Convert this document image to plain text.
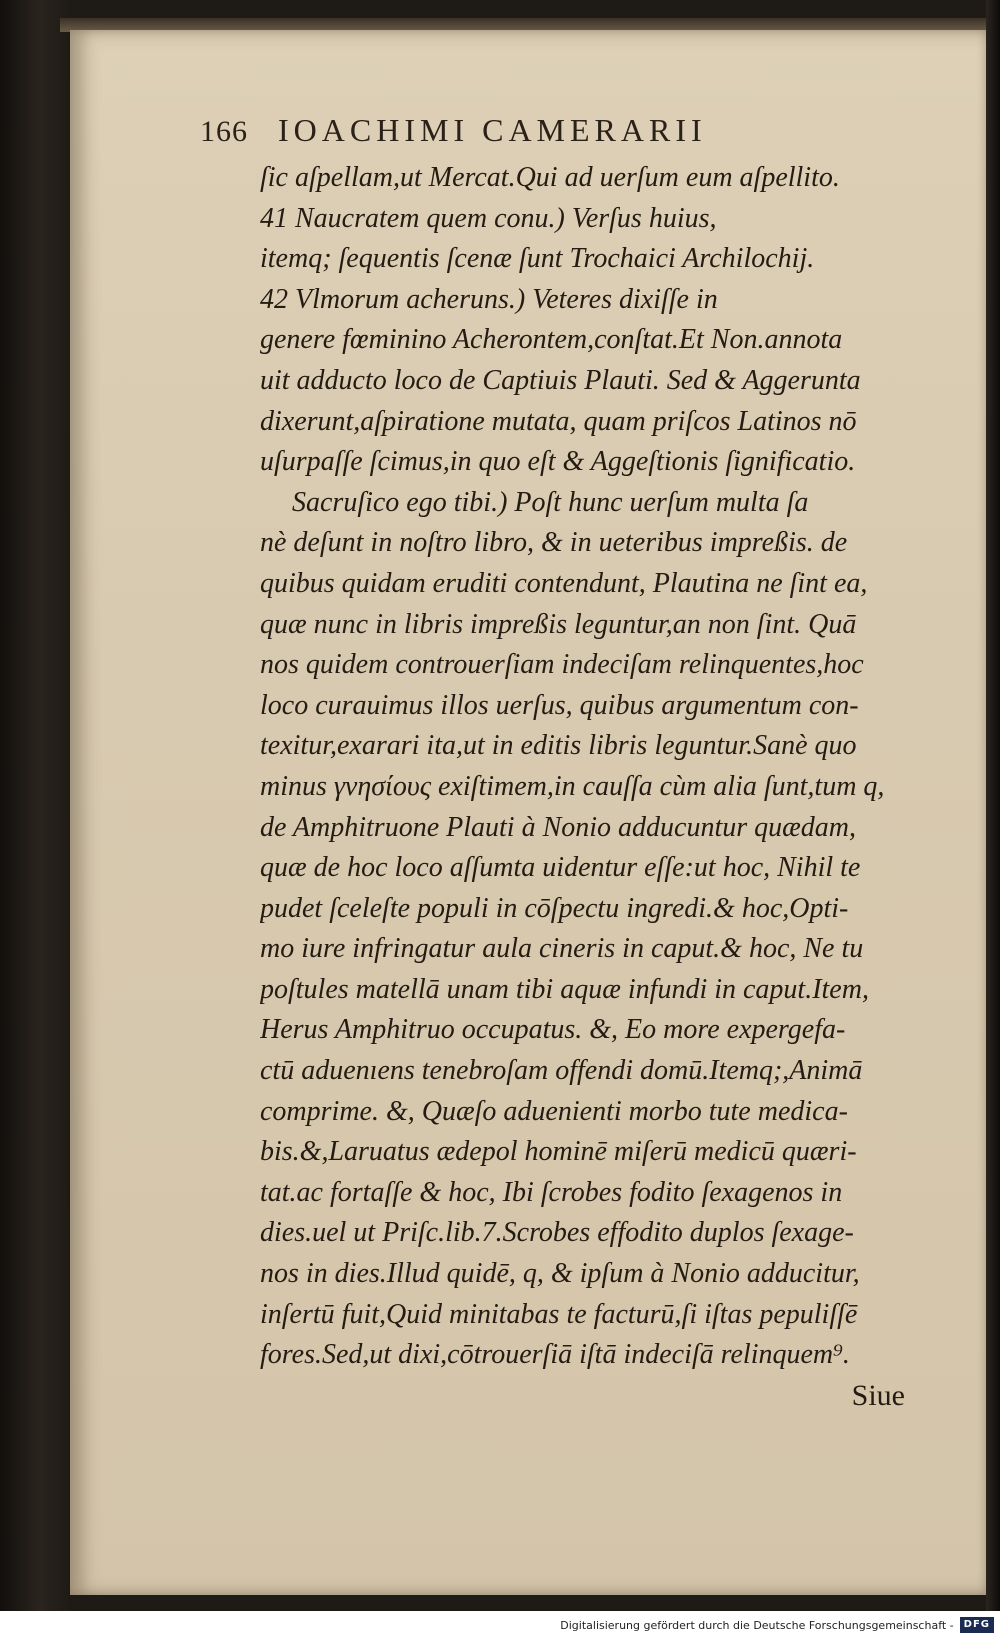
166 IOACHIMI CAMERARII
ſic aſpellam,ut Mercat.Qui ad uerſum eum aſpellito.
41 Naucratem quem conu.) Verſus huius,
itemq; ſequentis ſcenæ ſunt Trochaici Archilochij.
42 Vlmorum acheruns.) Veteres dixiſſe in
genere fœminino Acherontem,conſtat.Et Non.annota
uit adducto loco de Captiuis Plauti. Sed & Aggerunta
dixerunt,aſpiratione mutata, quam priſcos Latinos nō
uſurpaſſe ſcimus,in quo eſt & Aggeſtionis ſignificatio.
Sacruſico ego tibi.) Poſt hunc uerſum multa ſa
nè deſunt in noſtro libro, & in ueteribus impreßis. de
quibus quidam eruditi contendunt, Plautina ne ſint ea,
quæ nunc in libris impreßis leguntur,an non ſint. Quā
nos quidem controuerſiam indeciſam relinquentes,hoc
loco curauimus illos uerſus, quibus argumentum con-
texitur,exarari ita,ut in editis libris leguntur.Sanè quo
minus γνησίους exiſtimem,in cauſſa cùm alia ſunt,tum q,
de Amphitruone Plauti à Nonio adducuntur quædam,
quæ de hoc loco aſſumta uidentur eſſe:ut hoc, Nihil te
pudet ſceleſte populi in cōſpectu ingredi.& hoc,Opti-
mo iure infringatur aula cineris in caput.& hoc, Ne tu
poſtules matellā unam tibi aquæ infundi in caput.Item,
Herus Amphitruo occupatus. &, Eo more expergefa-
ctū aduenıens tenebroſam offendi domū.Itemq;,Animā
comprime. &, Quæſo aduenienti morbo tute medica-
bis.&,Laruatus ædepol hominē miſerū medicū quæri-
tat.ac fortaſſe & hoc, Ibi ſcrobes fodito ſexagenos in
dies.uel ut Priſc.lib.7.Scrobes effodito duplos ſexage-
nos in dies.Illud quidē, q, & ipſum à Nonio adducitur,
inſertū fuit,Quid minitabas te facturū,ſi iſtas pepuliſſē
fores.Sed,ut dixi,cōtrouerſiā iſtā indeciſā relinquem⁹.
Siue
Digitalisierung gefördert durch die Deutsche Forschungsgemeinschaft -	DFG
